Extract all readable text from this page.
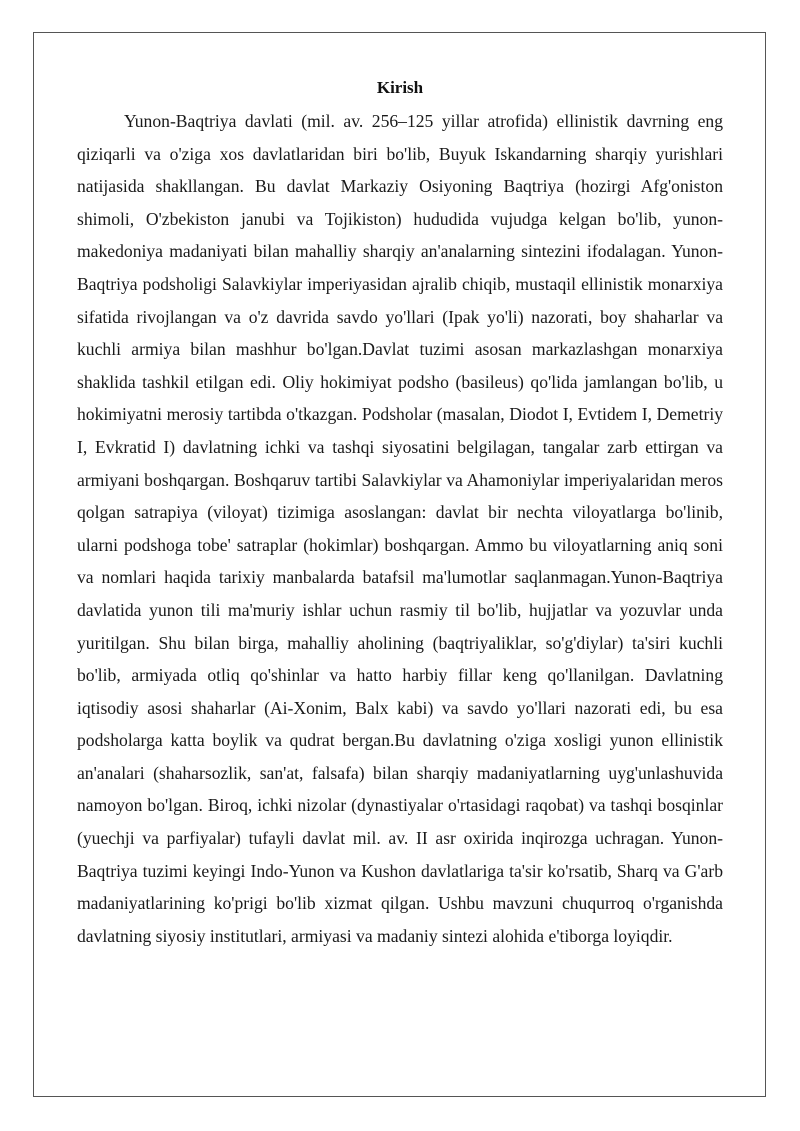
Kirish

Yunon-Baqtriya davlati (mil. av. 256–125 yillar atrofida) ellinistik davrning eng qiziqarli va o'ziga xos davlatlaridan biri bo'lib, Buyuk Iskandarning sharqiy yurishlari natijasida shakllangan. Bu davlat Markaziy Osiyoning Baqtriya (hozirgi Afg'oniston shimoli, O'zbekiston janubi va Tojikiston) hududida vujudga kelgan bo'lib, yunon-makedoniya madaniyati bilan mahalliy sharqiy an'analarning sintezini ifodalagan. Yunon-Baqtriya podsholigi Salavkiylar imperiyasidan ajralib chiqib, mustaqil ellinistik monarxiya sifatida rivojlangan va o'z davrida savdo yo'llari (Ipak yo'li) nazorati, boy shaharlar va kuchli armiya bilan mashhur bo'lgan.Davlat tuzimi asosan markazlashgan monarxiya shaklida tashkil etilgan edi. Oliy hokimiyat podsho (basileus) qo'lida jamlangan bo'lib, u hokimiyatni merosiy tartibda o'tkazgan. Podsholar (masalan, Diodot I, Evtidem I, Demetriy I, Evkratid I) davlatning ichki va tashqi siyosatini belgilagan, tangalar zarb ettirgan va armiyani boshqargan. Boshqaruv tartibi Salavkiylar va Ahamoniylar imperiyalaridan meros qolgan satrapiya (viloyat) tizimiga asoslangan: davlat bir nechta viloyatlarga bo'linib, ularni podshoga tobe' satraplar (hokimlar) boshqargan. Ammo bu viloyatlarning aniq soni va nomlari haqida tarixiy manbalarda batafsil ma'lumotlar saqlanmagan.Yunon-Baqtriya davlatida yunon tili ma'muriy ishlar uchun rasmiy til bo'lib, hujjatlar va yozuvlar unda yuritilgan. Shu bilan birga, mahalliy aholining (baqtriyaliklar, so'g'diylar) ta'siri kuchli bo'lib, armiyada otliq qo'shinlar va hatto harbiy fillar keng qo'llanilgan. Davlatning iqtisodiy asosi shaharlar (Ai-Xonim, Balx kabi) va savdo yo'llari nazorati edi, bu esa podsholarga katta boylik va qudrat bergan.Bu davlatning o'ziga xosligi yunon ellinistik an'analari (shaharsozlik, san'at, falsafa) bilan sharqiy madaniyatlarning uyg'unlashuvida namoyon bo'lgan. Biroq, ichki nizolar (dynastiyalar o'rtasidagi raqobat) va tashqi bosqinlar (yuechji va parfiyalar) tufayli davlat mil. av. II asr oxirida inqirozga uchragan. Yunon-Baqtriya tuzimi keyingi Indo-Yunon va Kushon davlatlariga ta'sir ko'rsatib, Sharq va G'arb madaniyatlarining ko'prigi bo'lib xizmat qilgan. Ushbu mavzuni chuqurroq o'rganishda davlatning siyosiy institutlari, armiyasi va madaniy sintezi alohida e'tiborga loyiqdir.
